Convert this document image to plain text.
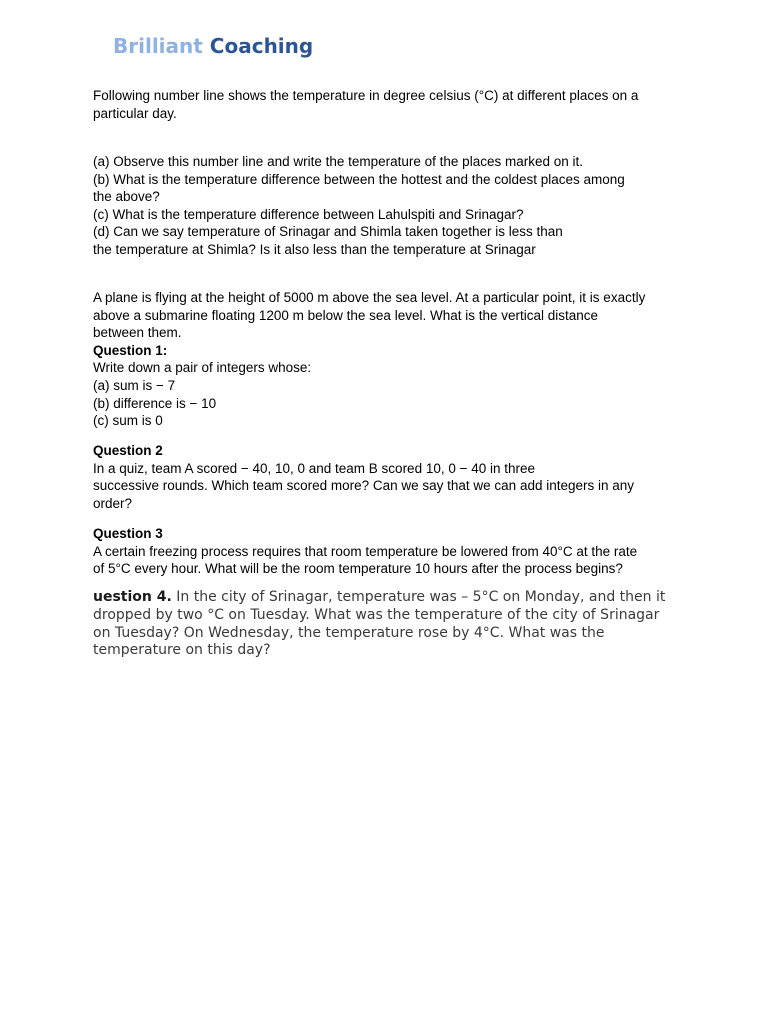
Brilliant Coaching
Following number line shows the temperature in degree celsius (°C) at different places on a
particular day.
(a) Observe this number line and write the temperature of the places marked on it.
(b) What is the temperature difference between the hottest and the coldest places among
the above?
(c) What is the temperature difference between Lahulspiti and Srinagar?
(d) Can we say temperature of Srinagar and Shimla taken together is less than
the temperature at Shimla? Is it also less than the temperature at Srinagar
A plane is flying at the height of 5000 m above the sea level. At a particular point, it is exactly
above a submarine floating 1200 m below the sea level. What is the vertical distance
between them.
Question 1:
Write down a pair of integers whose:
(a) sum is − 7
(b) difference is − 10
(c) sum is 0
Question 2
In a quiz, team A scored − 40, 10, 0 and team B scored 10, 0 − 40 in three
successive rounds. Which team scored more? Can we say that we can add integers in any
order?
Question 3
A certain freezing process requires that room temperature be lowered from 40°C at the rate
of 5°C every hour. What will be the room temperature 10 hours after the process begins?
uestion 4. In the city of Srinagar, temperature was – 5°C on Monday, and then it
dropped by two °C on Tuesday. What was the temperature of the city of Srinagar
on Tuesday? On Wednesday, the temperature rose by 4°C. What was the
temperature on this day?
